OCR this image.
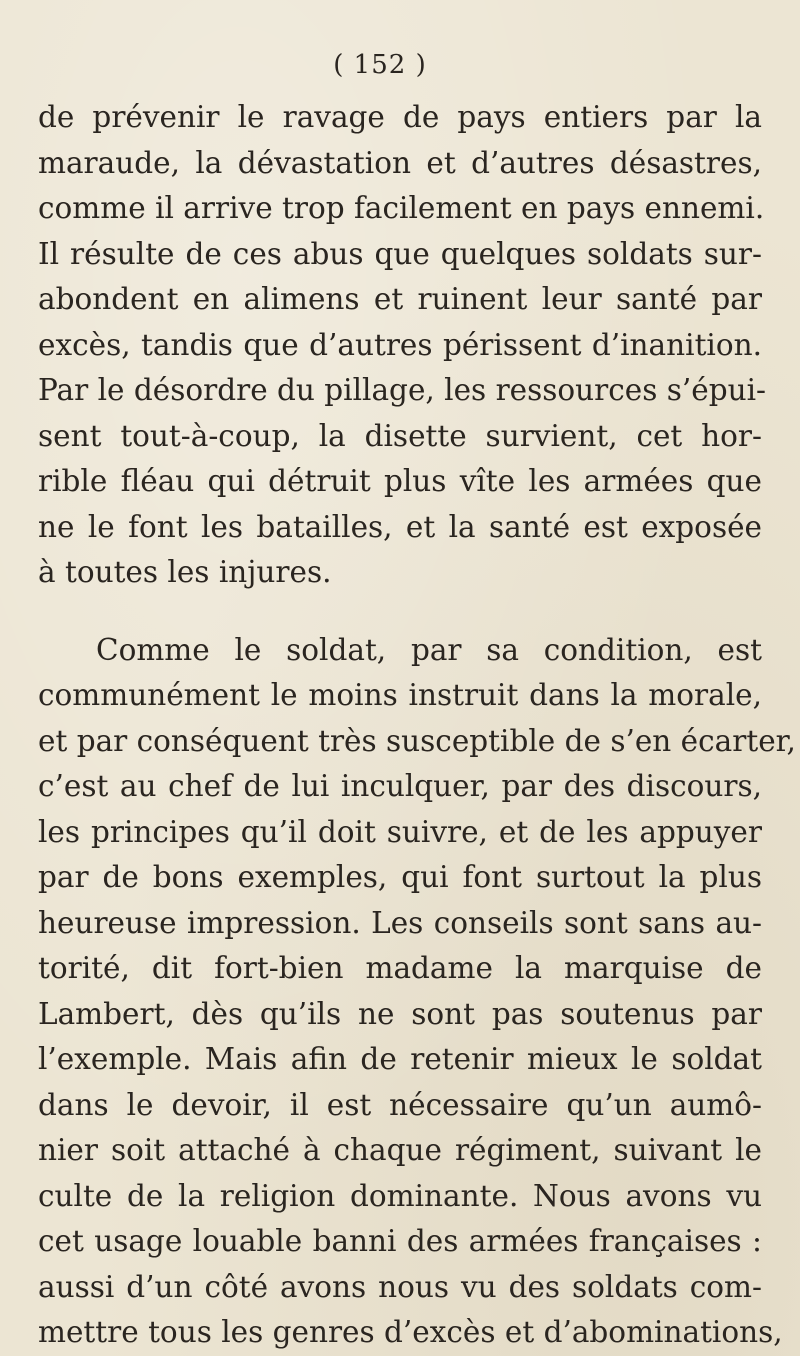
( 152 )
de prévenir le ravage de pays entiers par la
maraude, la dévastation et d’autres désastres,
comme il arrive trop facilement en pays ennemi.
Il résulte de ces abus que quelques soldats sur-
abondent en alimens et ruinent leur santé par
excès, tandis que d’autres périssent d’inanition.
Par le désordre du pillage, les ressources s’épui-
sent tout-à-coup, la disette survient, cet hor-
rible fléau qui détruit plus vîte les armées que
ne le font les batailles, et la santé est exposée
à toutes les injures.
Comme le soldat, par sa condition, est
communément le moins instruit dans la morale,
et par conséquent très susceptible de s’en écarter,
c’est au chef de lui inculquer, par des discours,
les principes qu’il doit suivre, et de les appuyer
par de bons exemples, qui font surtout la plus
heureuse impression. Les conseils sont sans au-
torité, dit fort-bien madame la marquise de
Lambert, dès qu’ils ne sont pas soutenus par
l’exemple. Mais afin de retenir mieux le soldat
dans le devoir, il est nécessaire qu’un aumô-
nier soit attaché à chaque régiment, suivant le
culte de la religion dominante. Nous avons vu
cet usage louable banni des armées françaises :
aussi d’un côté avons nous vu des soldats com-
mettre tous les genres d’excès et d’abominations,
